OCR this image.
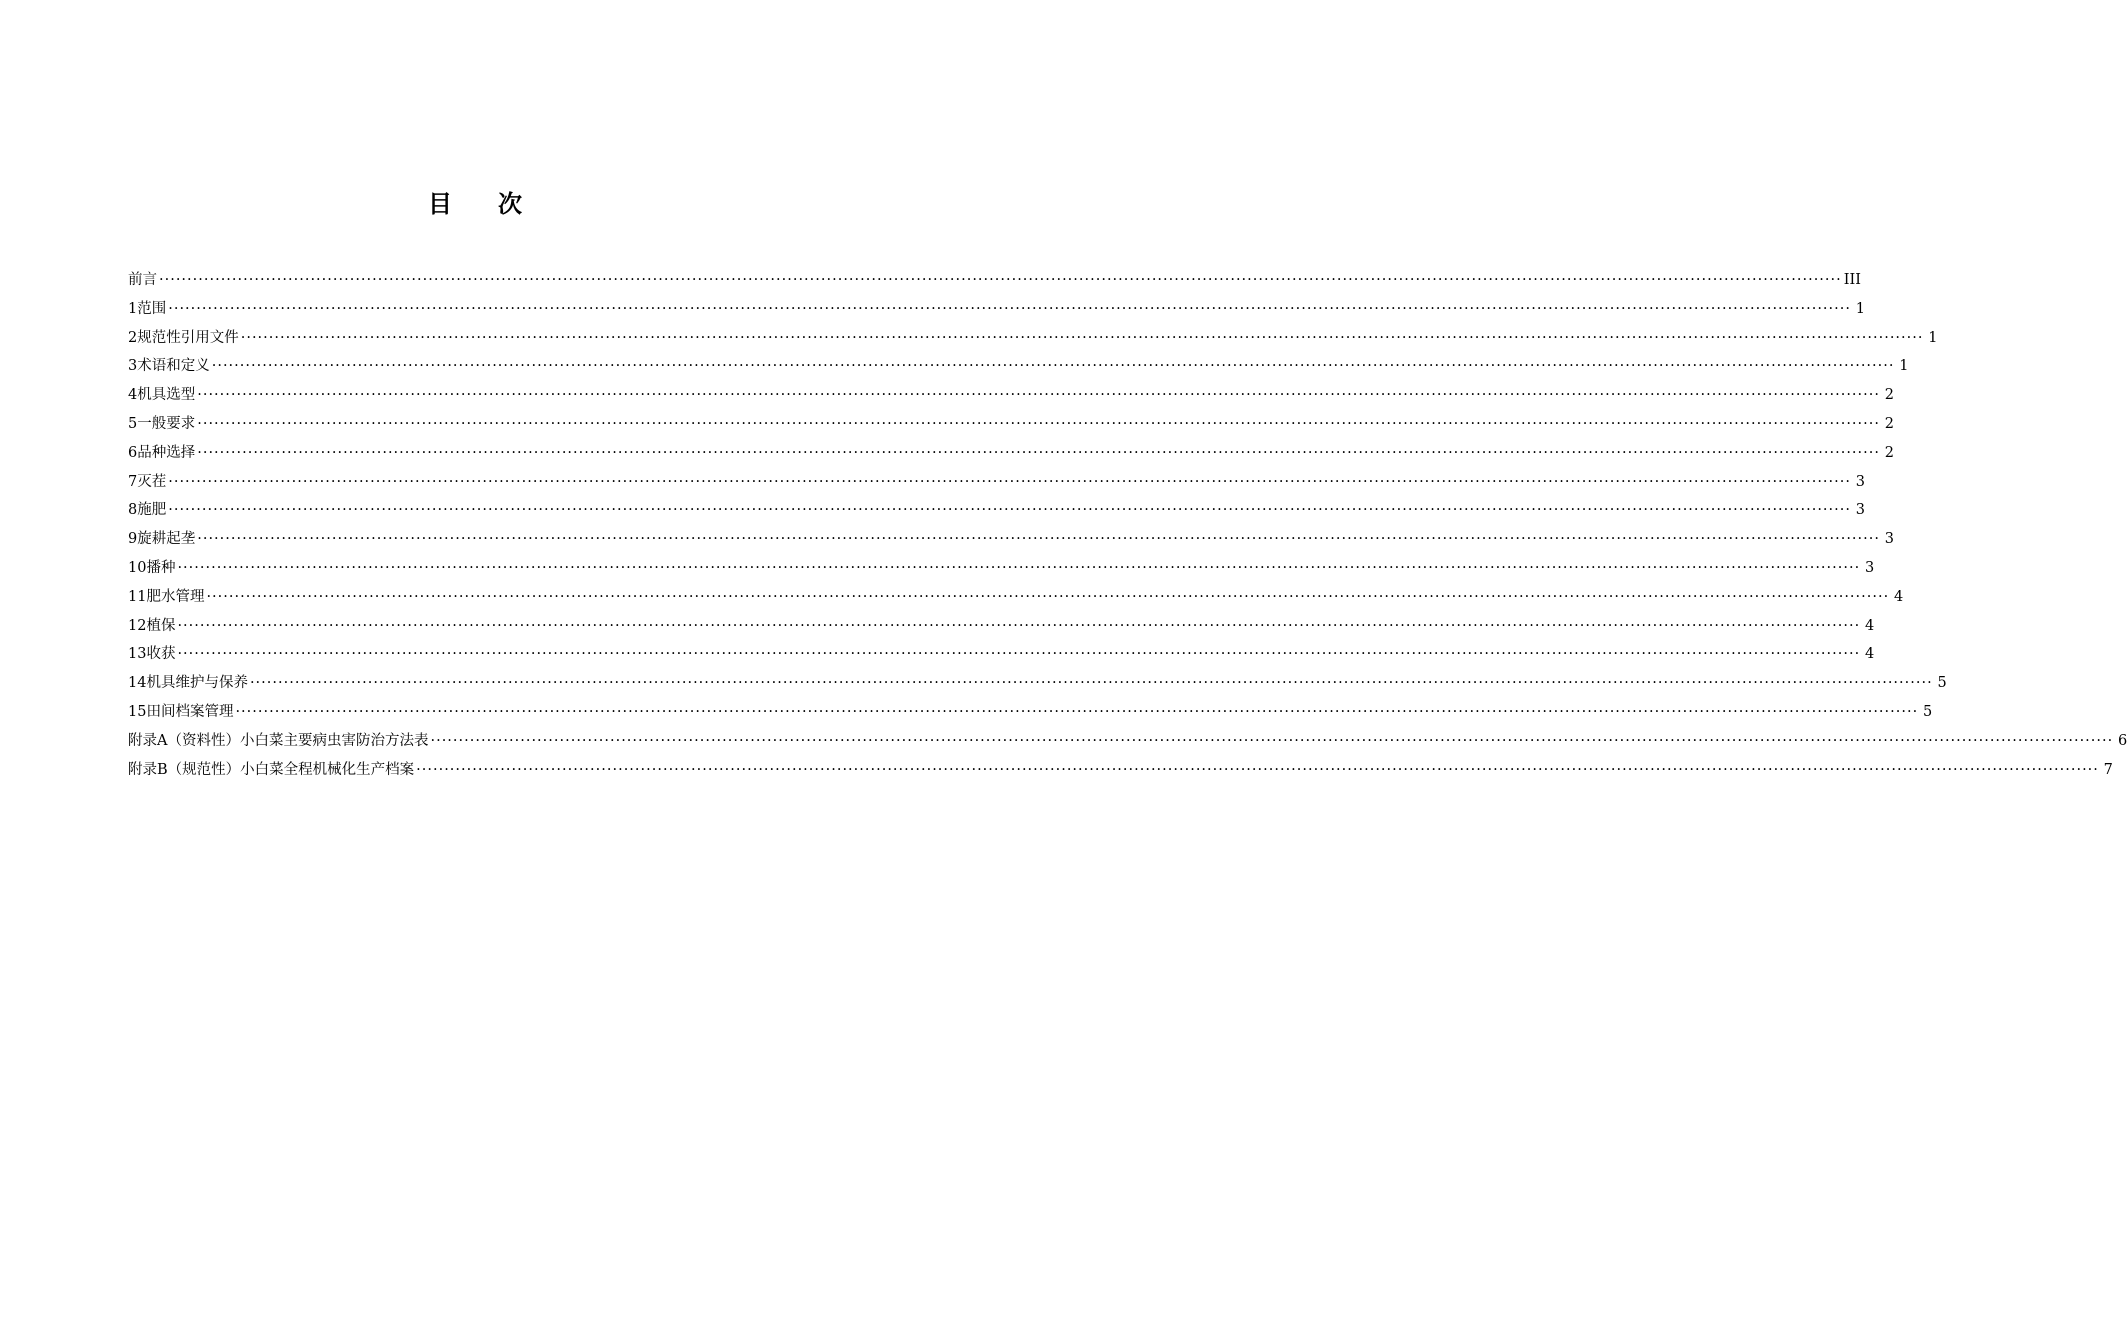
目 次
前言 ············································································································································································································································································································ III
1 范围 ············································································································································································································································································································ 1
2 规范性引用文件 ············································································································································································································································································································ 1
3 术语和定义 ············································································································································································································································································································ 1
4 机具选型 ············································································································································································································································································································ 2
5 一般要求 ············································································································································································································································································································ 2
6 品种选择 ············································································································································································································································································································ 2
7 灭茬 ············································································································································································································································································································ 3
8 施肥 ············································································································································································································································································································ 3
9 旋耕起垄 ············································································································································································································································································································ 3
10 播种 ············································································································································································································································································································ 3
11 肥水管理 ············································································································································································································································································································ 4
12 植保 ············································································································································································································································································································ 4
13 收获 ············································································································································································································································································································ 4
14 机具维护与保养 ············································································································································································································································································································ 5
15 田间档案管理 ············································································································································································································································································································ 5
附录A（资料性） 小白菜主要病虫害防治方法表 ············································································································································································································································································································ 6
附录B（规范性） 小白菜全程机械化生产档案 ············································································································································································································································································································ 7
